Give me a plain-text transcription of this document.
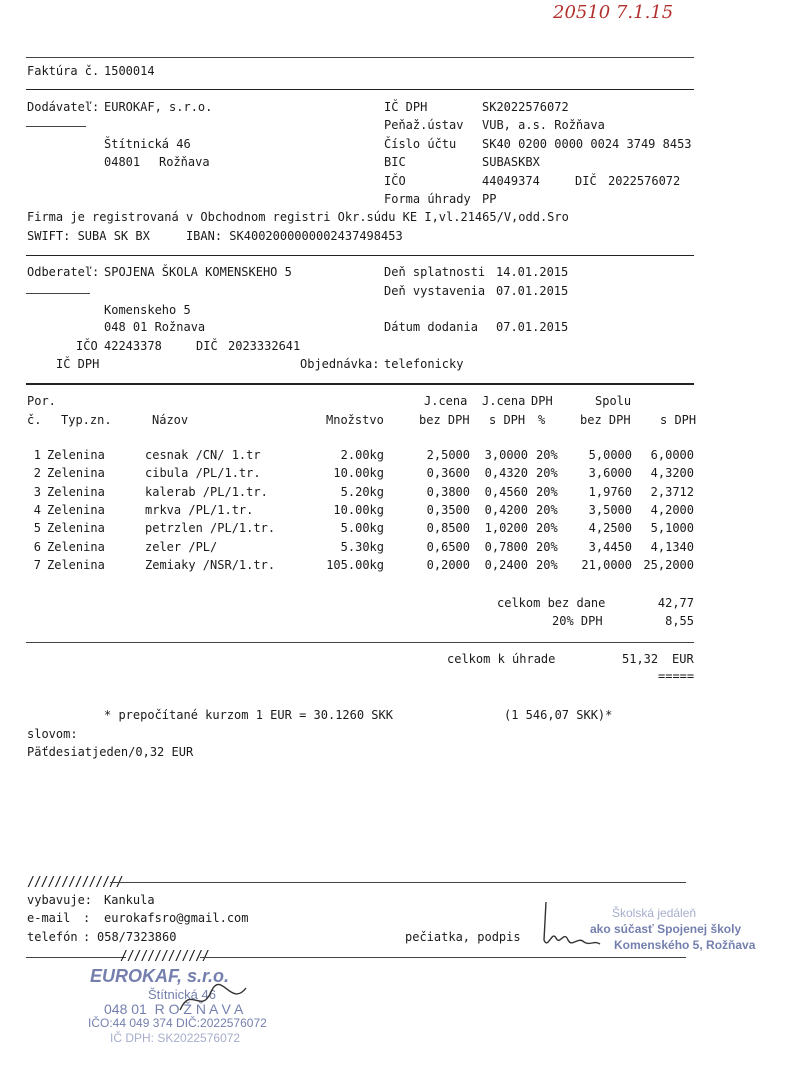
20510 7.1.15
Faktúra č. 1500014
Dodávateľ: EUROKAF, s.r.o.
Štítnická 46
04801 Rožňava
IČ DPH	SK2022576072
Peňaž.ústav VUB, a.s. Rožňava
Číslo účtu SK40 0200 0000 0024 3749 8453
BIC	SUBASKBX
IČO	44049374	DIČ 2022576072
Forma úhrady PP
Firma je registrovaná v Obchodnom registri Okr.súdu KE I,vl.21465/V,odd.Sro
SWIFT: SUBA SK BX     IBAN: SK4002000000002437498453
Odberateľ: SPOJENA ŠKOLA KOMENSKEHO 5
Komenskeho 5
048 01 Rožnava
IČO 42243378	DIČ 2023332641
IČ DPH
Deň splatnosti 14.01.2015
Deň vystavenia 07.01.2015
Dátum dodania 07.01.2015
Objednávka: telefonicky
Por.	J.cena J.cena DPH	Spolu
č. Typ.zn.	Názov	Množstvo	bez DPH s DPH %	bez DPH s DPH
1 Zelenina	cesnak /CN/ 1.tr	2.00kg	2,5000	3,0000 20%	5,0000	6,0000
2 Zelenina	cibula /PL/1.tr.	10.00kg	0,3600	0,4320 20%	3,6000	4,3200
3 Zelenina	kalerab /PL/1.tr.	5.20kg	0,3800	0,4560 20%	1,9760	2,3712
4 Zelenina	mrkva /PL/1.tr.	10.00kg	0,3500	0,4200 20%	3,5000	4,2000
5 Zelenina	petrzlen /PL/1.tr.	5.00kg	0,8500	1,0200 20%	4,2500	5,1000
6 Zelenina	zeler /PL/	5.30kg	0,6500	0,7800 20%	3,4450	4,1340
7 Zelenina	Zemiaky /NSR/1.tr.	105.00kg	0,2000	0,2400 20%	21,0000 25,2000
celkom bez dane	42,77
20% DPH	8,55
celkom k úhrade	51,32 EUR
=====
* prepočítané kurzom 1 EUR = 30.1260 SKK	(1 546,07 SKK)*
slovom:
Päťdesiatjeden/0,32 EUR
//////////////
vybavuje: Kankula
e-mail : eurokafsro@gmail.com
telefón : 058/7323860	pečiatka, podpis
/////////////
EUROKAF, s.r.o.
Štítnická 46
048 01  R O Ž Ň A V A
IČO:44 049 374 DIČ:2022576072
IČ DPH: SK2022576072
Školská jedáleň
ako súčasť Spojenej školy
Komenského 5, Rožňava
